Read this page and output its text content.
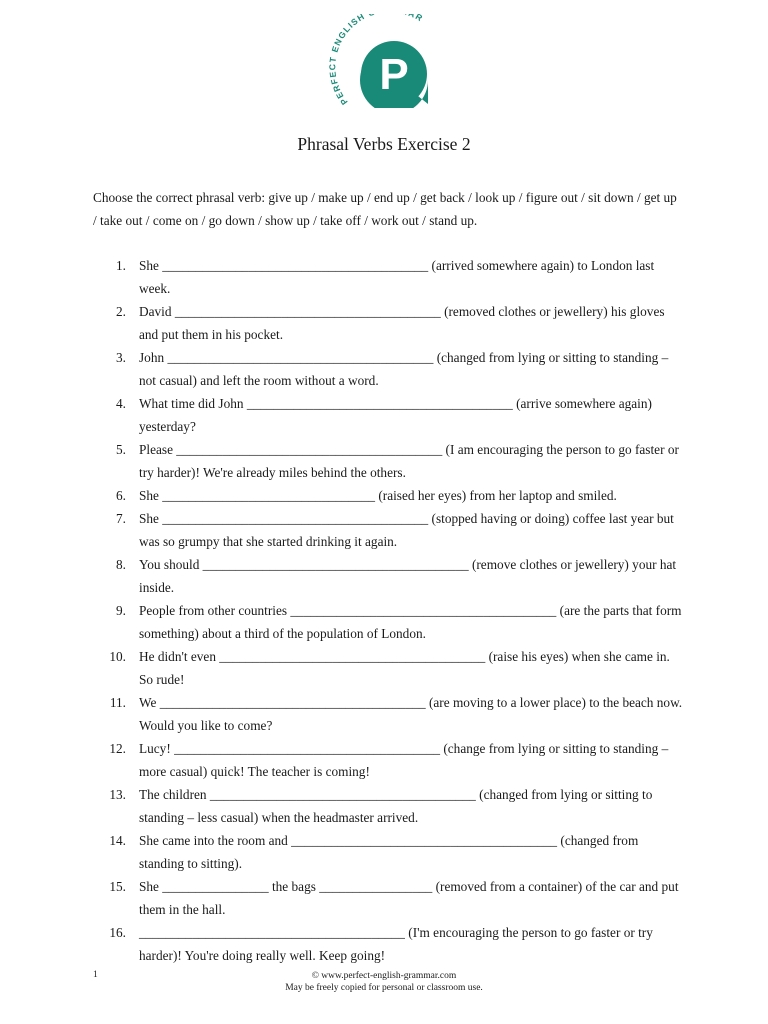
PERFECT ENGLISH R
P
Phrasal Verbs Exercise 2
Choose the correct phrasal verb: give up / make up / end up / get back / look up / figure out / sit down / get up / take out / come on / go down / show up / take off / work out / stand up.
1. She ________________________________________ (arrived somewhere again) to London last week.
2. David ________________________________________ (removed clothes or jewellery) his gloves and put them in his pocket.
3. John ________________________________________ (changed from lying or sitting to standing – not casual) and left the room without a word.
4. What time did John ________________________________________ (arrive somewhere again) yesterday?
5. Please ________________________________________ (I am encouraging the person to go faster or try harder)! We're already miles behind the others.
6. She ________________________________ (raised her eyes) from her laptop and smiled.
7. She ________________________________________ (stopped having or doing) coffee last year but was so grumpy that she started drinking it again.
8. You should ________________________________________ (remove clothes or jewellery) your hat inside.
9. People from other countries ________________________________________ (are the parts that form something) about a third of the population of London.
10. He didn't even ________________________________________ (raise his eyes) when she came in. So rude!
11. We ________________________________________ (are moving to a lower place) to the beach now. Would you like to come?
12. Lucy! ________________________________________ (change from lying or sitting to standing – more casual) quick! The teacher is coming!
13. The children ________________________________________ (changed from lying or sitting to standing – less casual) when the headmaster arrived.
14. She came into the room and ________________________________________ (changed from standing to sitting).
15. She ________________ the bags _________________ (removed from a container) of the car and put them in the hall.
16. ________________________________________ (I'm encouraging the person to go faster or try harder)! You're doing really well. Keep going!
1	© www.perfect-english-grammar.com
May be freely copied for personal or classroom use.
